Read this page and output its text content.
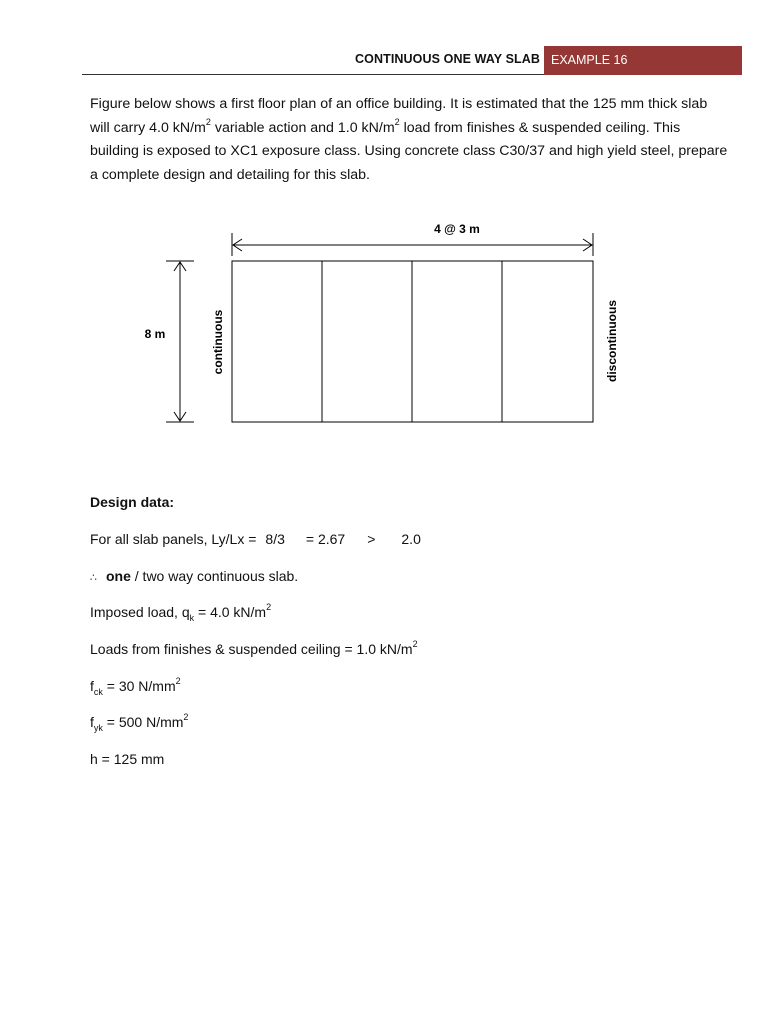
CONTINUOUS ONE WAY SLAB EXAMPLE 16

Figure below shows a first floor plan of an office building. It is estimated that the 125 mm thick slab will carry 4.0 $kN/m^2$ variable action and 1.0 $kN/m^2$ load from finishes & suspended ceiling. This building is exposed to XC1 exposure class. Using concrete class C30/37 and high yield steel, prepare a complete design and detailing for this slab.

4 @ 3 m
8 m	continuous	discontinuous
Design data:
For all slab panels, Ly/Lx = 8/3 = 2.67 > 2.0
∴ one / two way continuous slab.
Imposed load, $q_k = 4.0$ $kN/m^2$
Loads from finishes & suspended ceiling = 1.0 $kN/m^2$
$f_{ck} = 30$ $N/mm^2$
$f_{yk} = 500$ $N/mm^2$
h = 125 mm
